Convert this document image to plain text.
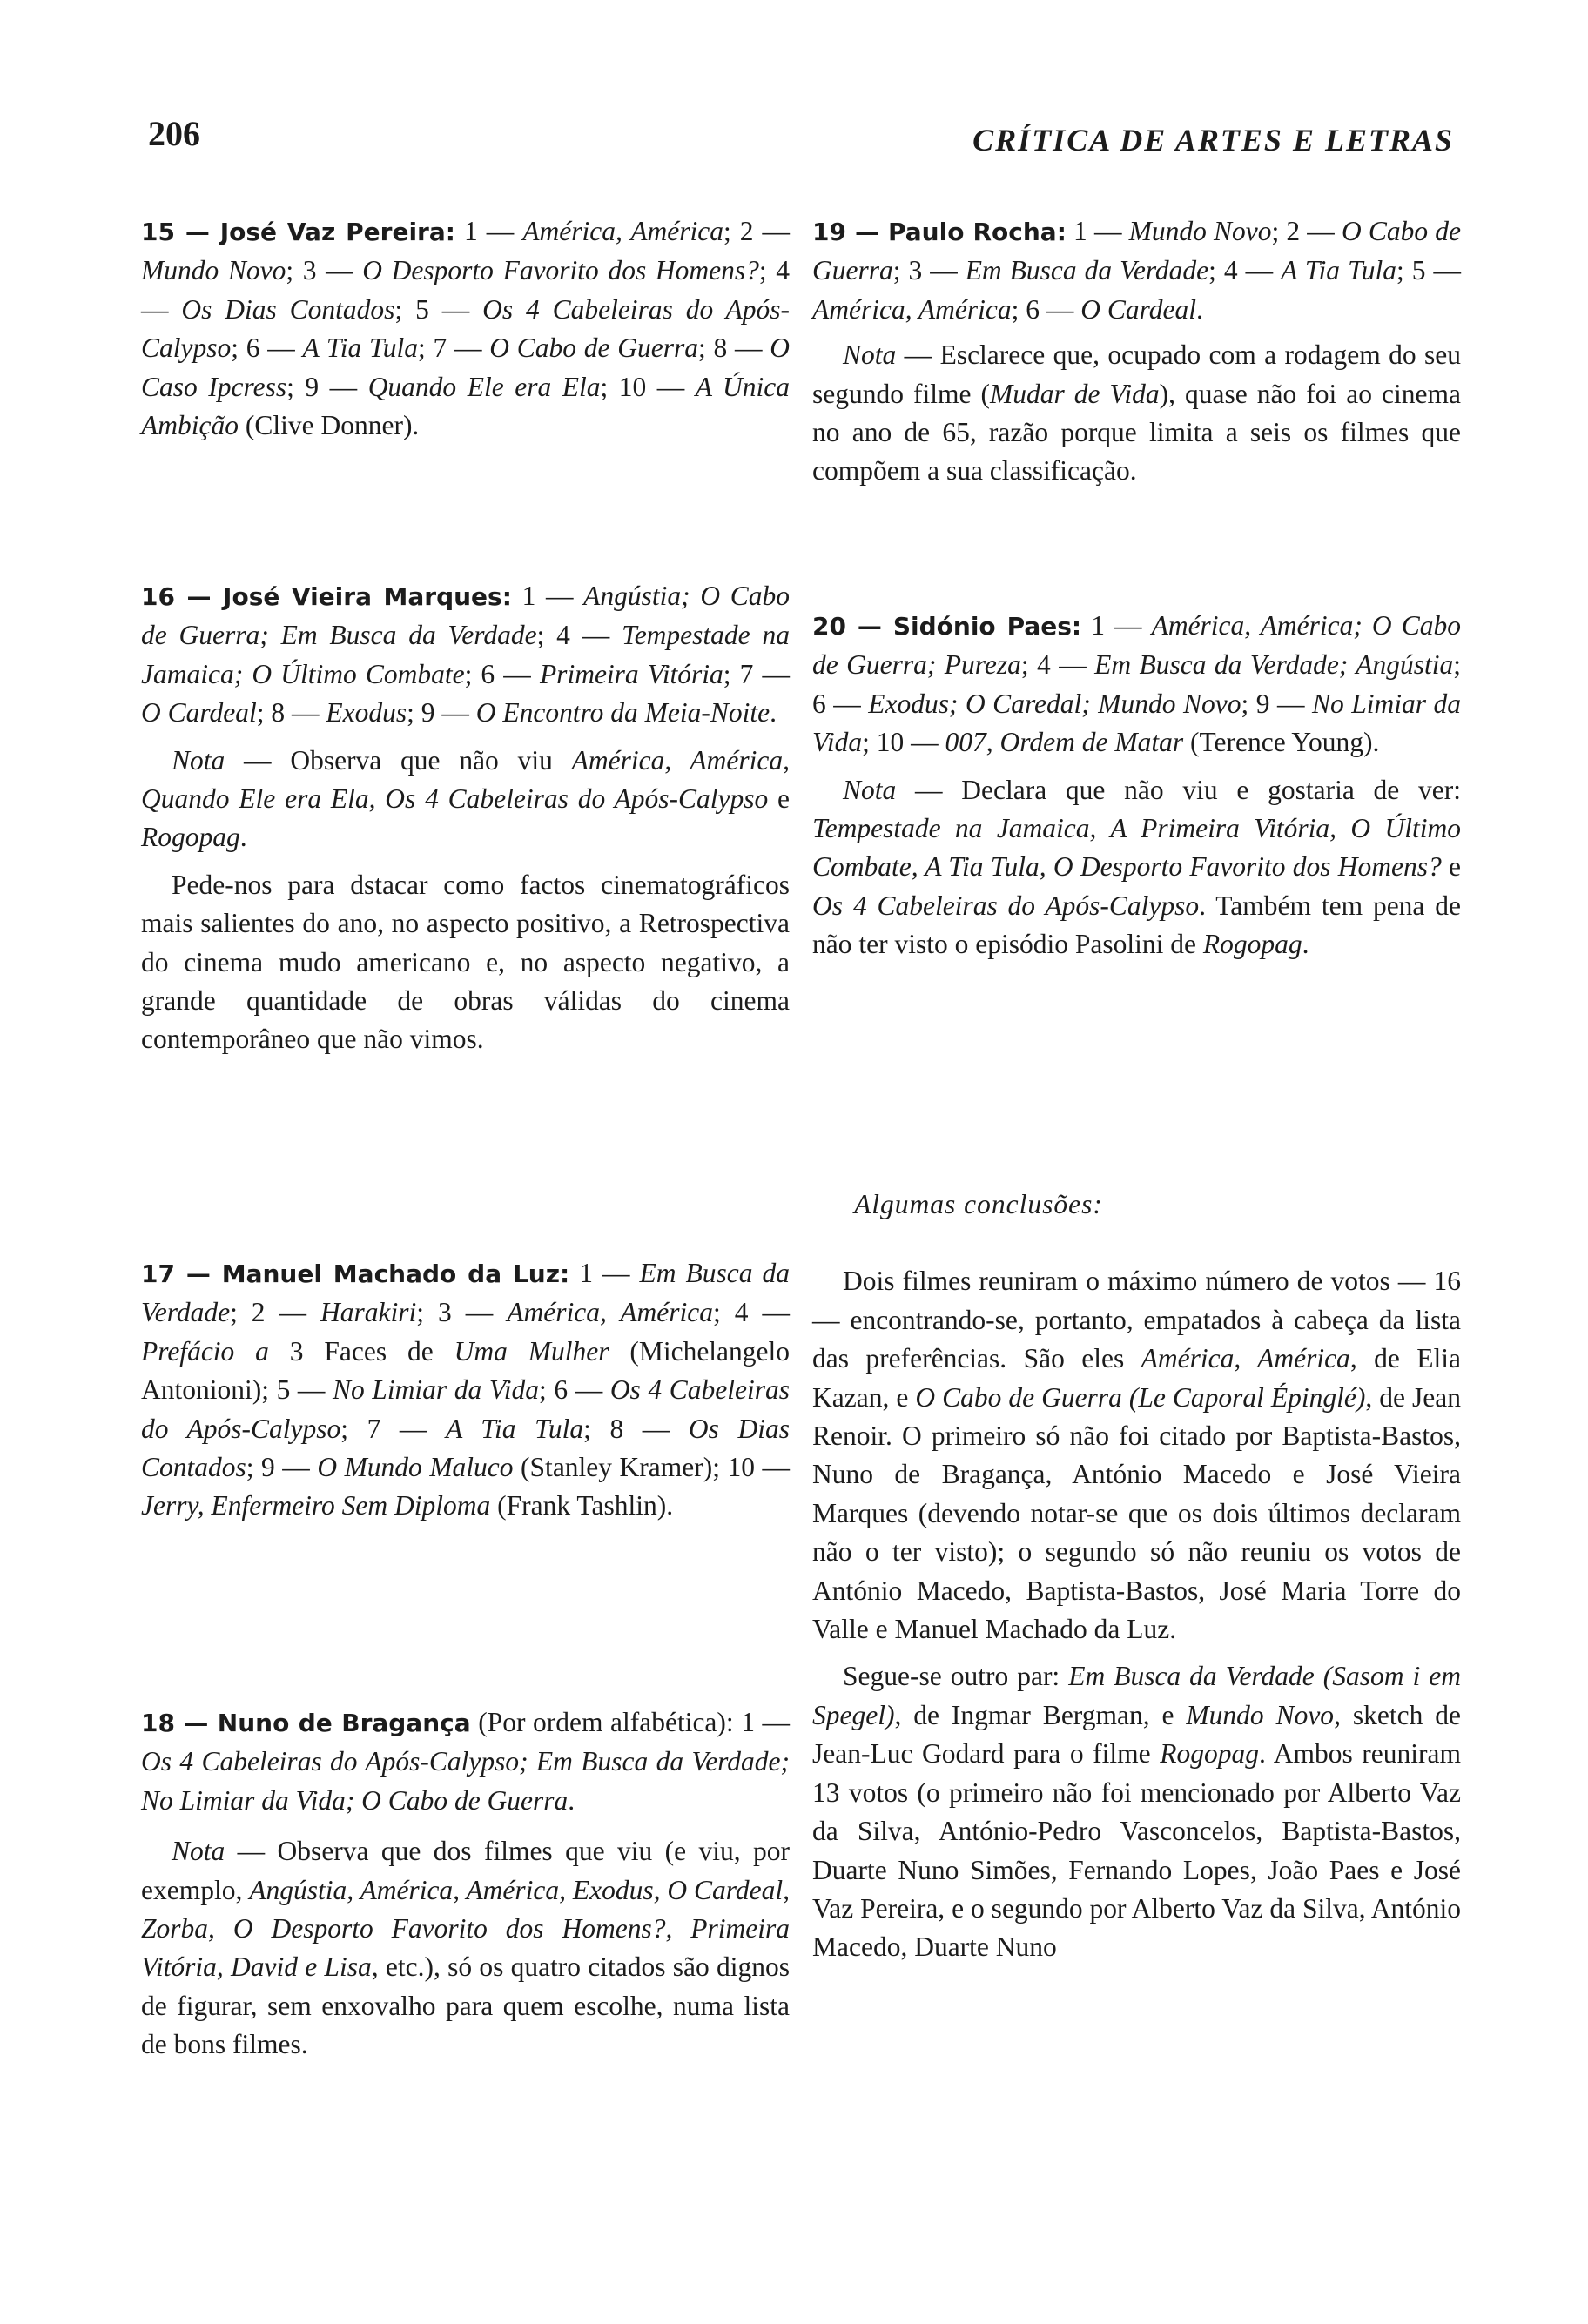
206	CRÍTICA DE ARTES E LETRAS

15 — José Vaz Pereira: 1 — América, América; 2 — Mundo Novo; 3 — O Desporto Favorito dos Homens?; 4 — Os Dias Contados; 5 — Os 4 Cabeleiras do Após-Calypso; 6 — A Tia Tula; 7 — O Cabo de Guerra; 8 — O Caso Ipcress; 9 — Quando Ele era Ela; 10 — A Única Ambição (Clive Donner).

16 — José Vieira Marques: 1 — Angústia; O Cabo de Guerra; Em Busca da Verdade; 4 — Tempestade na Jamaica; O Último Combate; 6 — Primeira Vitória; 7 — O Cardeal; 8 — Exodus; 9 — O Encontro da Meia-Noite.

Nota — Observa que não viu América, América, Quando Ele era Ela, Os 4 Cabeleiras do Após-Calypso e Rogopag.

Pede-nos para dstacar como factos cinematográficos mais salientes do ano, no aspecto positivo, a Retrospectiva do cinema mudo americano e, no aspecto negativo, a grande quantidade de obras válidas do cinema contemporâneo que não vimos.

17 — Manuel Machado da Luz: 1 — Em Busca da Verdade; 2 — Harakiri; 3 — América, América; 4 — Prefácio a 3 Faces de Uma Mulher (Michelangelo Antonioni); 5 — No Limiar da Vida; 6 — Os 4 Cabeleiras do Após-Calypso; 7 — A Tia Tula; 8 — Os Dias Contados; 9 — O Mundo Maluco (Stanley Kramer); 10 — Jerry, Enfermeiro Sem Diploma (Frank Tashlin).

18 — Nuno de Bragança (Por ordem alfabética): 1 — Os 4 Cabeleiras do Após-Calypso; Em Busca da Verdade; No Limiar da Vida; O Cabo de Guerra.

Nota — Observa que dos filmes que viu (e viu, por exemplo, Angústia, América, América, Exodus, O Cardeal, Zorba, O Desporto Favorito dos Homens?, Primeira Vitória, David e Lisa, etc.), só os quatro citados são dignos de figurar, sem enxovalho para quem escolhe, numa lista de bons filmes.

19 — Paulo Rocha: 1 — Mundo Novo; 2 — O Cabo de Guerra; 3 — Em Busca da Verdade; 4 — A Tia Tula; 5 — América, América; 6 — O Cardeal.

Nota — Esclarece que, ocupado com a rodagem do seu segundo filme (Mudar de Vida), quase não foi ao cinema no ano de 65, razão porque limita a seis os filmes que compõem a sua classificação.

20 — Sidónio Paes: 1 — América, América; O Cabo de Guerra; Pureza; 4 — Em Busca da Verdade; Angústia; 6 — Exodus; O Caredal; Mundo Novo; 9 — No Limiar da Vida; 10 — 007, Ordem de Matar (Terence Young).

Nota — Declara que não viu e gostaria de ver: Tempestade na Jamaica, A Primeira Vitória, O Último Combate, A Tia Tula, O Desporto Favorito dos Homens? e Os 4 Cabeleiras do Após-Calypso. Também tem pena de não ter visto o episódio Pasolini de Rogopag.

Algumas conclusões:

Dois filmes reuniram o máximo número de votos — 16 — encontrando-se, portanto, empatados à cabeça da lista das preferências. São eles América, América, de Elia Kazan, e O Cabo de Guerra (Le Caporal Épinglé), de Jean Renoir. O primeiro só não foi citado por Baptista-Bastos, Nuno de Bragança, António Macedo e José Vieira Marques (devendo notar-se que os dois últimos declaram não o ter visto); o segundo só não reuniu os votos de António Macedo, Baptista-Bastos, José Maria Torre do Valle e Manuel Machado da Luz.

Segue-se outro par: Em Busca da Verdade (Sasom i em Spegel), de Ingmar Bergman, e Mundo Novo, sketch de Jean-Luc Godard para o filme Rogopag. Ambos reuniram 13 votos (o primeiro não foi mencionado por Alberto Vaz da Silva, António-Pedro Vasconcelos, Baptista-Bastos, Duarte Nuno Simões, Fernando Lopes, João Paes e José Vaz Pereira, e o segundo por Alberto Vaz da Silva, António Macedo, Duarte Nuno
